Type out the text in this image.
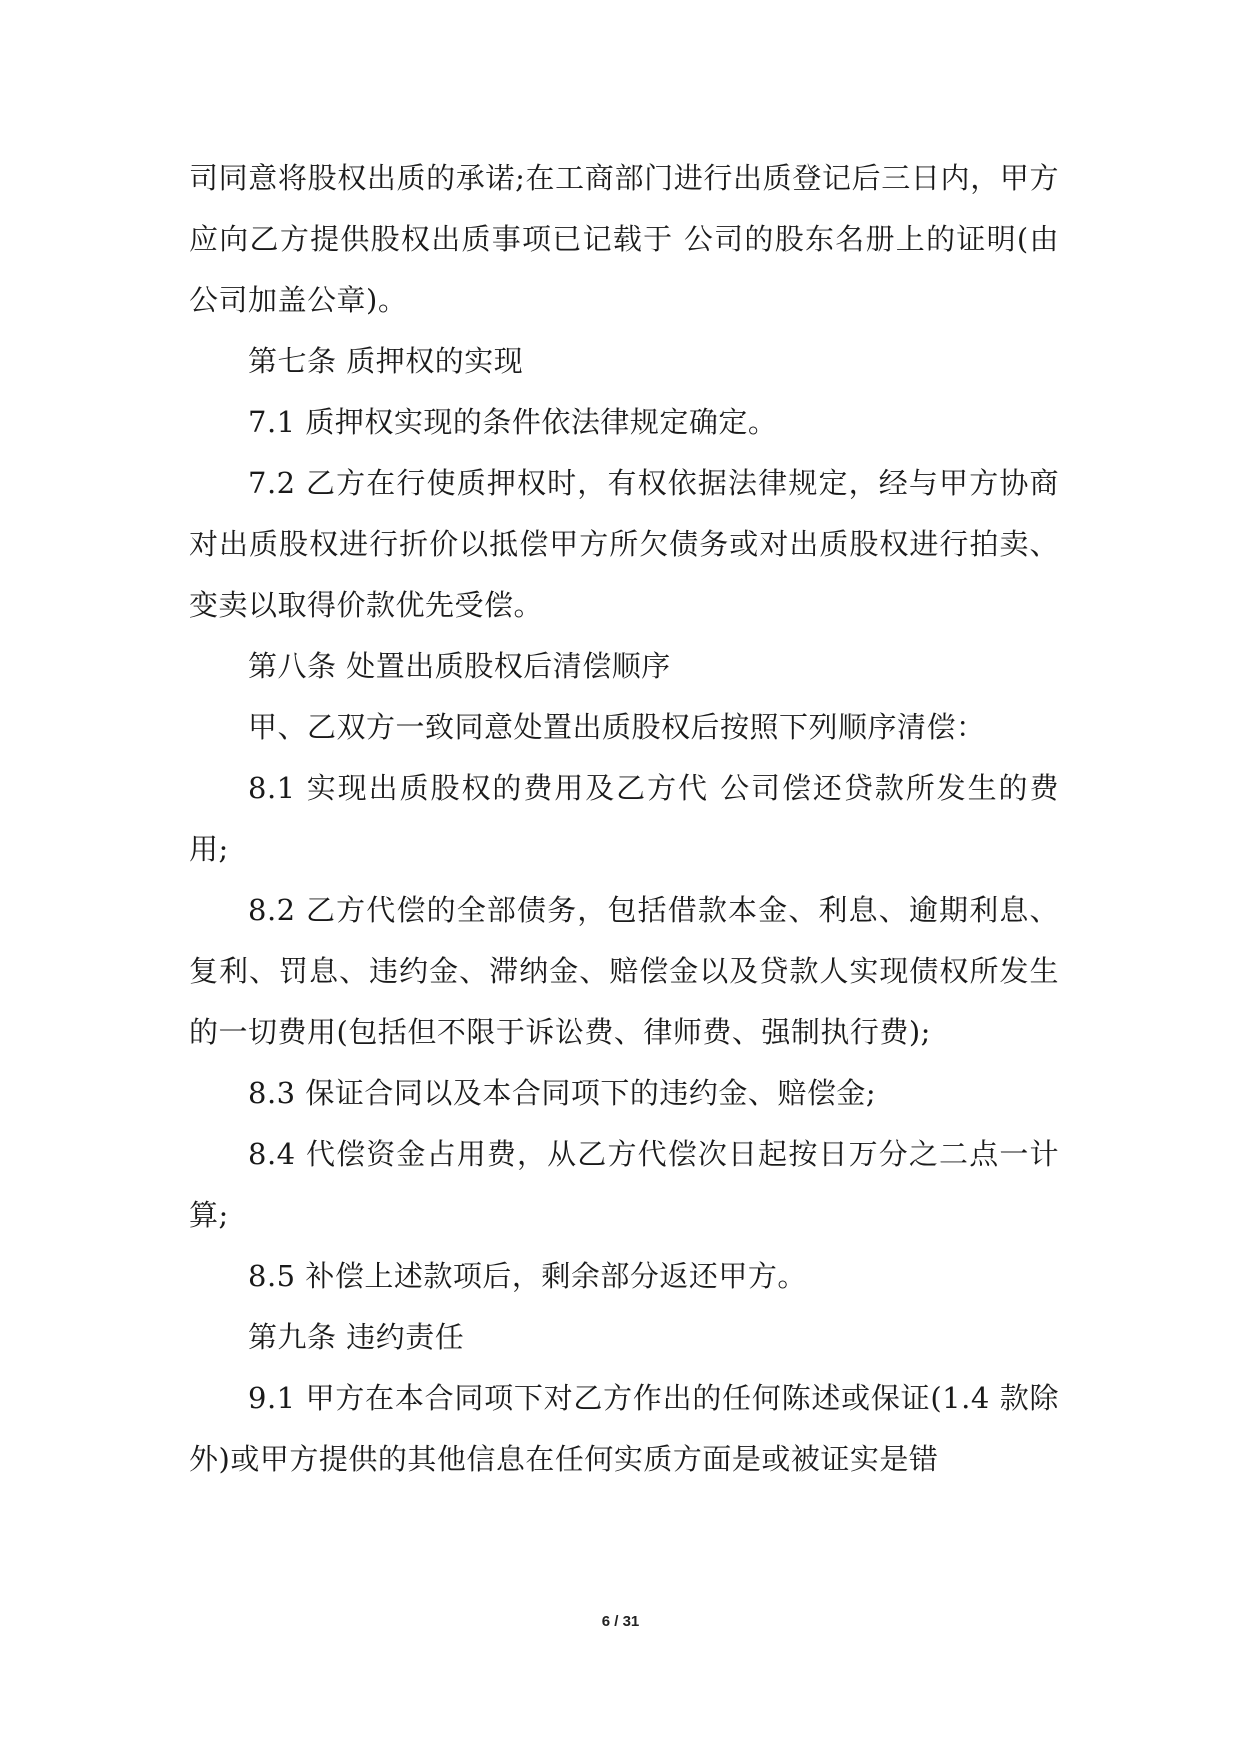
司同意将股权出质的承诺;在工商部门进行出质登记后三日内，甲方应向乙方提供股权出质事项已记载于 公司的股东名册上的证明(由 公司加盖公章)。

第七条 质押权的实现

7.1 质押权实现的条件依法律规定确定。

7.2 乙方在行使质押权时，有权依据法律规定，经与甲方协商对出质股权进行折价以抵偿甲方所欠债务或对出质股权进行拍卖、变卖以取得价款优先受偿。

第八条 处置出质股权后清偿顺序

甲、乙双方一致同意处置出质股权后按照下列顺序清偿：

8.1 实现出质股权的费用及乙方代 公司偿还贷款所发生的费用;

8.2 乙方代偿的全部债务，包括借款本金、利息、逾期利息、复利、罚息、违约金、滞纳金、赔偿金以及贷款人实现债权所发生的一切费用(包括但不限于诉讼费、律师费、强制执行费);

8.3 保证合同以及本合同项下的违约金、赔偿金;

8.4 代偿资金占用费，从乙方代偿次日起按日万分之二点一计算;

8.5 补偿上述款项后，剩余部分返还甲方。

第九条 违约责任

9.1 甲方在本合同项下对乙方作出的任何陈述或保证(1.4 款除外)或甲方提供的其他信息在任何实质方面是或被证实是错

6 / 31
